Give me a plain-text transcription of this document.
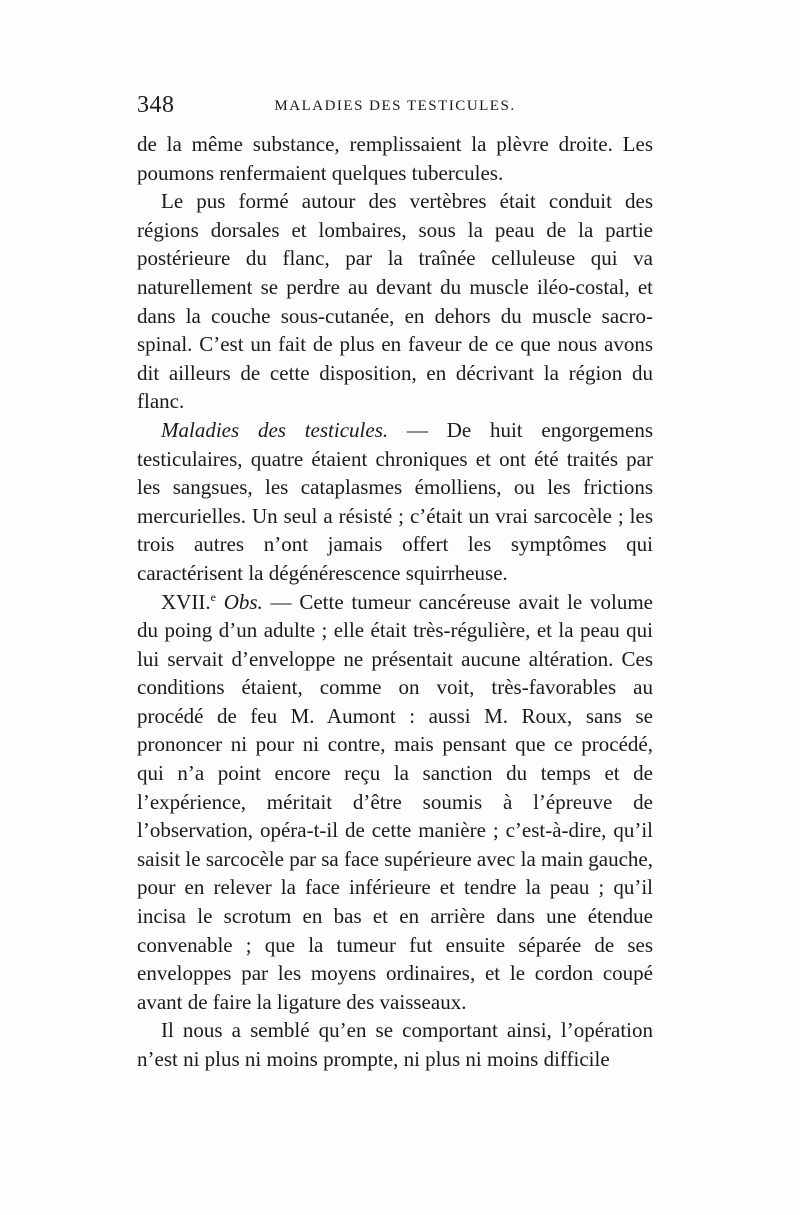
348	MALADIES DES TESTICULES.

de la même substance, remplissaient la plèvre droite. Les poumons renfermaient quelques tubercules.

Le pus formé autour des vertèbres était conduit des régions dorsales et lombaires, sous la peau de la partie postérieure du flanc, par la traînée celluleuse qui va naturellement se perdre au devant du muscle iléo-costal, et dans la couche sous-cutanée, en dehors du muscle sacro-spinal. C’est un fait de plus en faveur de ce que nous avons dit ailleurs de cette disposition, en décrivant la région du flanc.

Maladies des testicules. — De huit engorgemens testiculaires, quatre étaient chroniques et ont été traités par les sangsues, les cataplasmes émolliens, ou les frictions mercurielles. Un seul a résisté ; c’était un vrai sarcocèle ; les trois autres n’ont jamais offert les symptômes qui caractérisent la dégénérescence squirrheuse.

XVII.$^e$ Obs. — Cette tumeur cancéreuse avait le volume du poing d’un adulte ; elle était très-régulière, et la peau qui lui servait d’enveloppe ne présentait aucune altération. Ces conditions étaient, comme on voit, très-favorables au procédé de feu M. Aumont : aussi M. Roux, sans se prononcer ni pour ni contre, mais pensant que ce procédé, qui n’a point encore reçu la sanction du temps et de l’expérience, méritait d’être soumis à l’épreuve de l’observation, opéra-t-il de cette manière ; c’est-à-dire, qu’il saisit le sarcocèle par sa face supérieure avec la main gauche, pour en relever la face inférieure et tendre la peau ; qu’il incisa le scrotum en bas et en arrière dans une étendue convenable ; que la tumeur fut ensuite séparée de ses enveloppes par les moyens ordinaires, et le cordon coupé avant de faire la ligature des vaisseaux.

Il nous a semblé qu’en se comportant ainsi, l’opération n’est ni plus ni moins prompte, ni plus ni moins difficile
